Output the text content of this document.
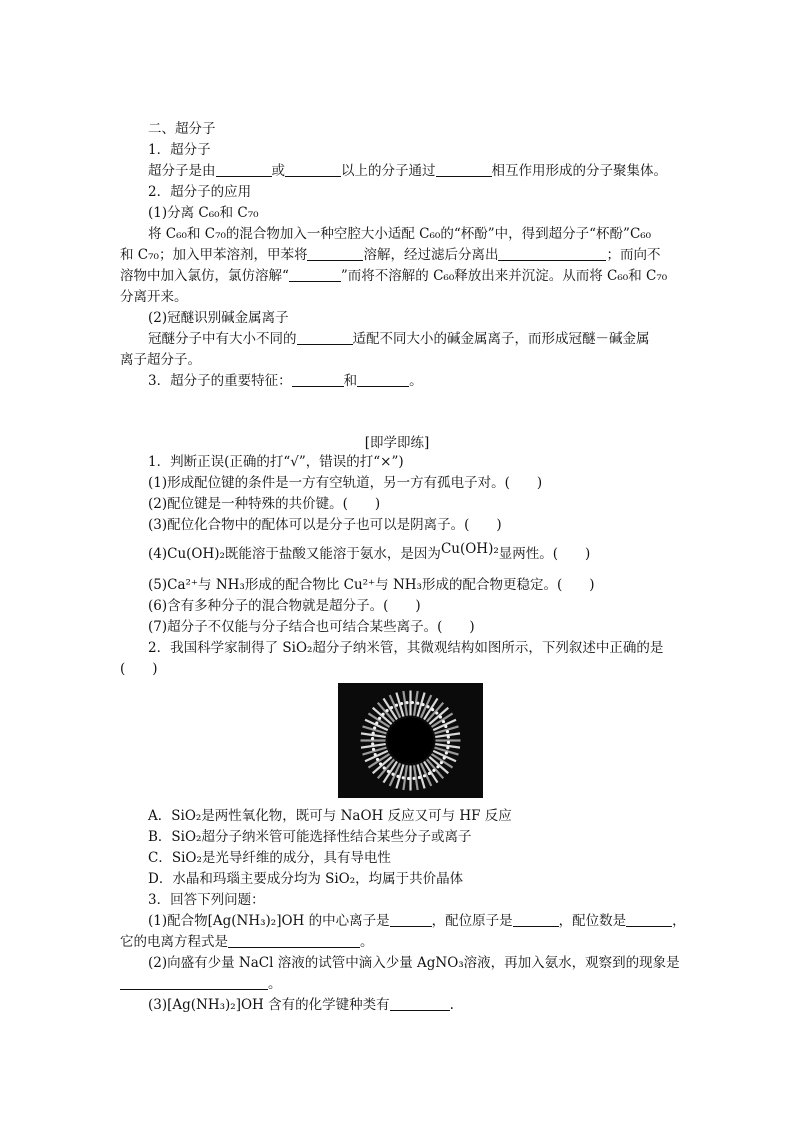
二、超分子
1．超分子
超分子是由	或	以上的分子通过	相互作用形成的分子聚集体。
2．超分子的应用
(1)分离 C₆₀和 C₇₀
将 C₆₀和 C₇₀的混合物加入一种空腔大小适配 C₆₀的“杯酚”中，得到超分子“杯酚”C₆₀
和 C₇₀；加入甲苯溶剂，甲苯将	溶解，经过滤后分离出	；而向不
溶物中加入氯仿，氯仿溶解“	”而将不溶解的 C₆₀释放出来并沉淀。从而将 C₆₀和 C₇₀
分离开来。
(2)冠醚识别碱金属离子
冠醚分子中有大小不同的	适配不同大小的碱金属离子，而形成冠醚－碱金属
离子超分子。
3．超分子的重要特征：	和	。
[即学即练]
1．判断正误(正确的打“√”，错误的打“×”)
(1)形成配位键的条件是一方有空轨道，另一方有孤电子对。(　　)
(2)配位键是一种特殊的共价键。(　　)
(3)配位化合物中的配体可以是分子也可以是阴离子。(　　)
(4)Cu(OH)₂既能溶于盐酸又能溶于氨水，是因为Cu(OH)₂显两性。(　　)
(5)Ca²⁺与 NH₃形成的配合物比 Cu²⁺与 NH₃形成的配合物更稳定。(　　)
(6)含有多种分子的混合物就是超分子。(　　)
(7)超分子不仅能与分子结合也可结合某些离子。(　　)
2．我国科学家制得了 SiO₂超分子纳米管，其微观结构如图所示，下列叙述中正确的是
(　　)
A．SiO₂是两性氧化物，既可与 NaOH 反应又可与 HF 反应
B．SiO₂超分子纳米管可能选择性结合某些分子或离子
C．SiO₂是光导纤维的成分，具有导电性
D．水晶和玛瑙主要成分均为 SiO₂，均属于共价晶体
3．回答下列问题：
(1)配合物[Ag(NH₃)₂]OH 的中心离子是	，配位原子是	，配位数是	，
它的电离方程式是	。
(2)向盛有少量 NaCl 溶液的试管中滴入少量 AgNO₃溶液，再加入氨水，观察到的现象是
。
(3)[Ag(NH₃)₂]OH 含有的化学键种类有	.
